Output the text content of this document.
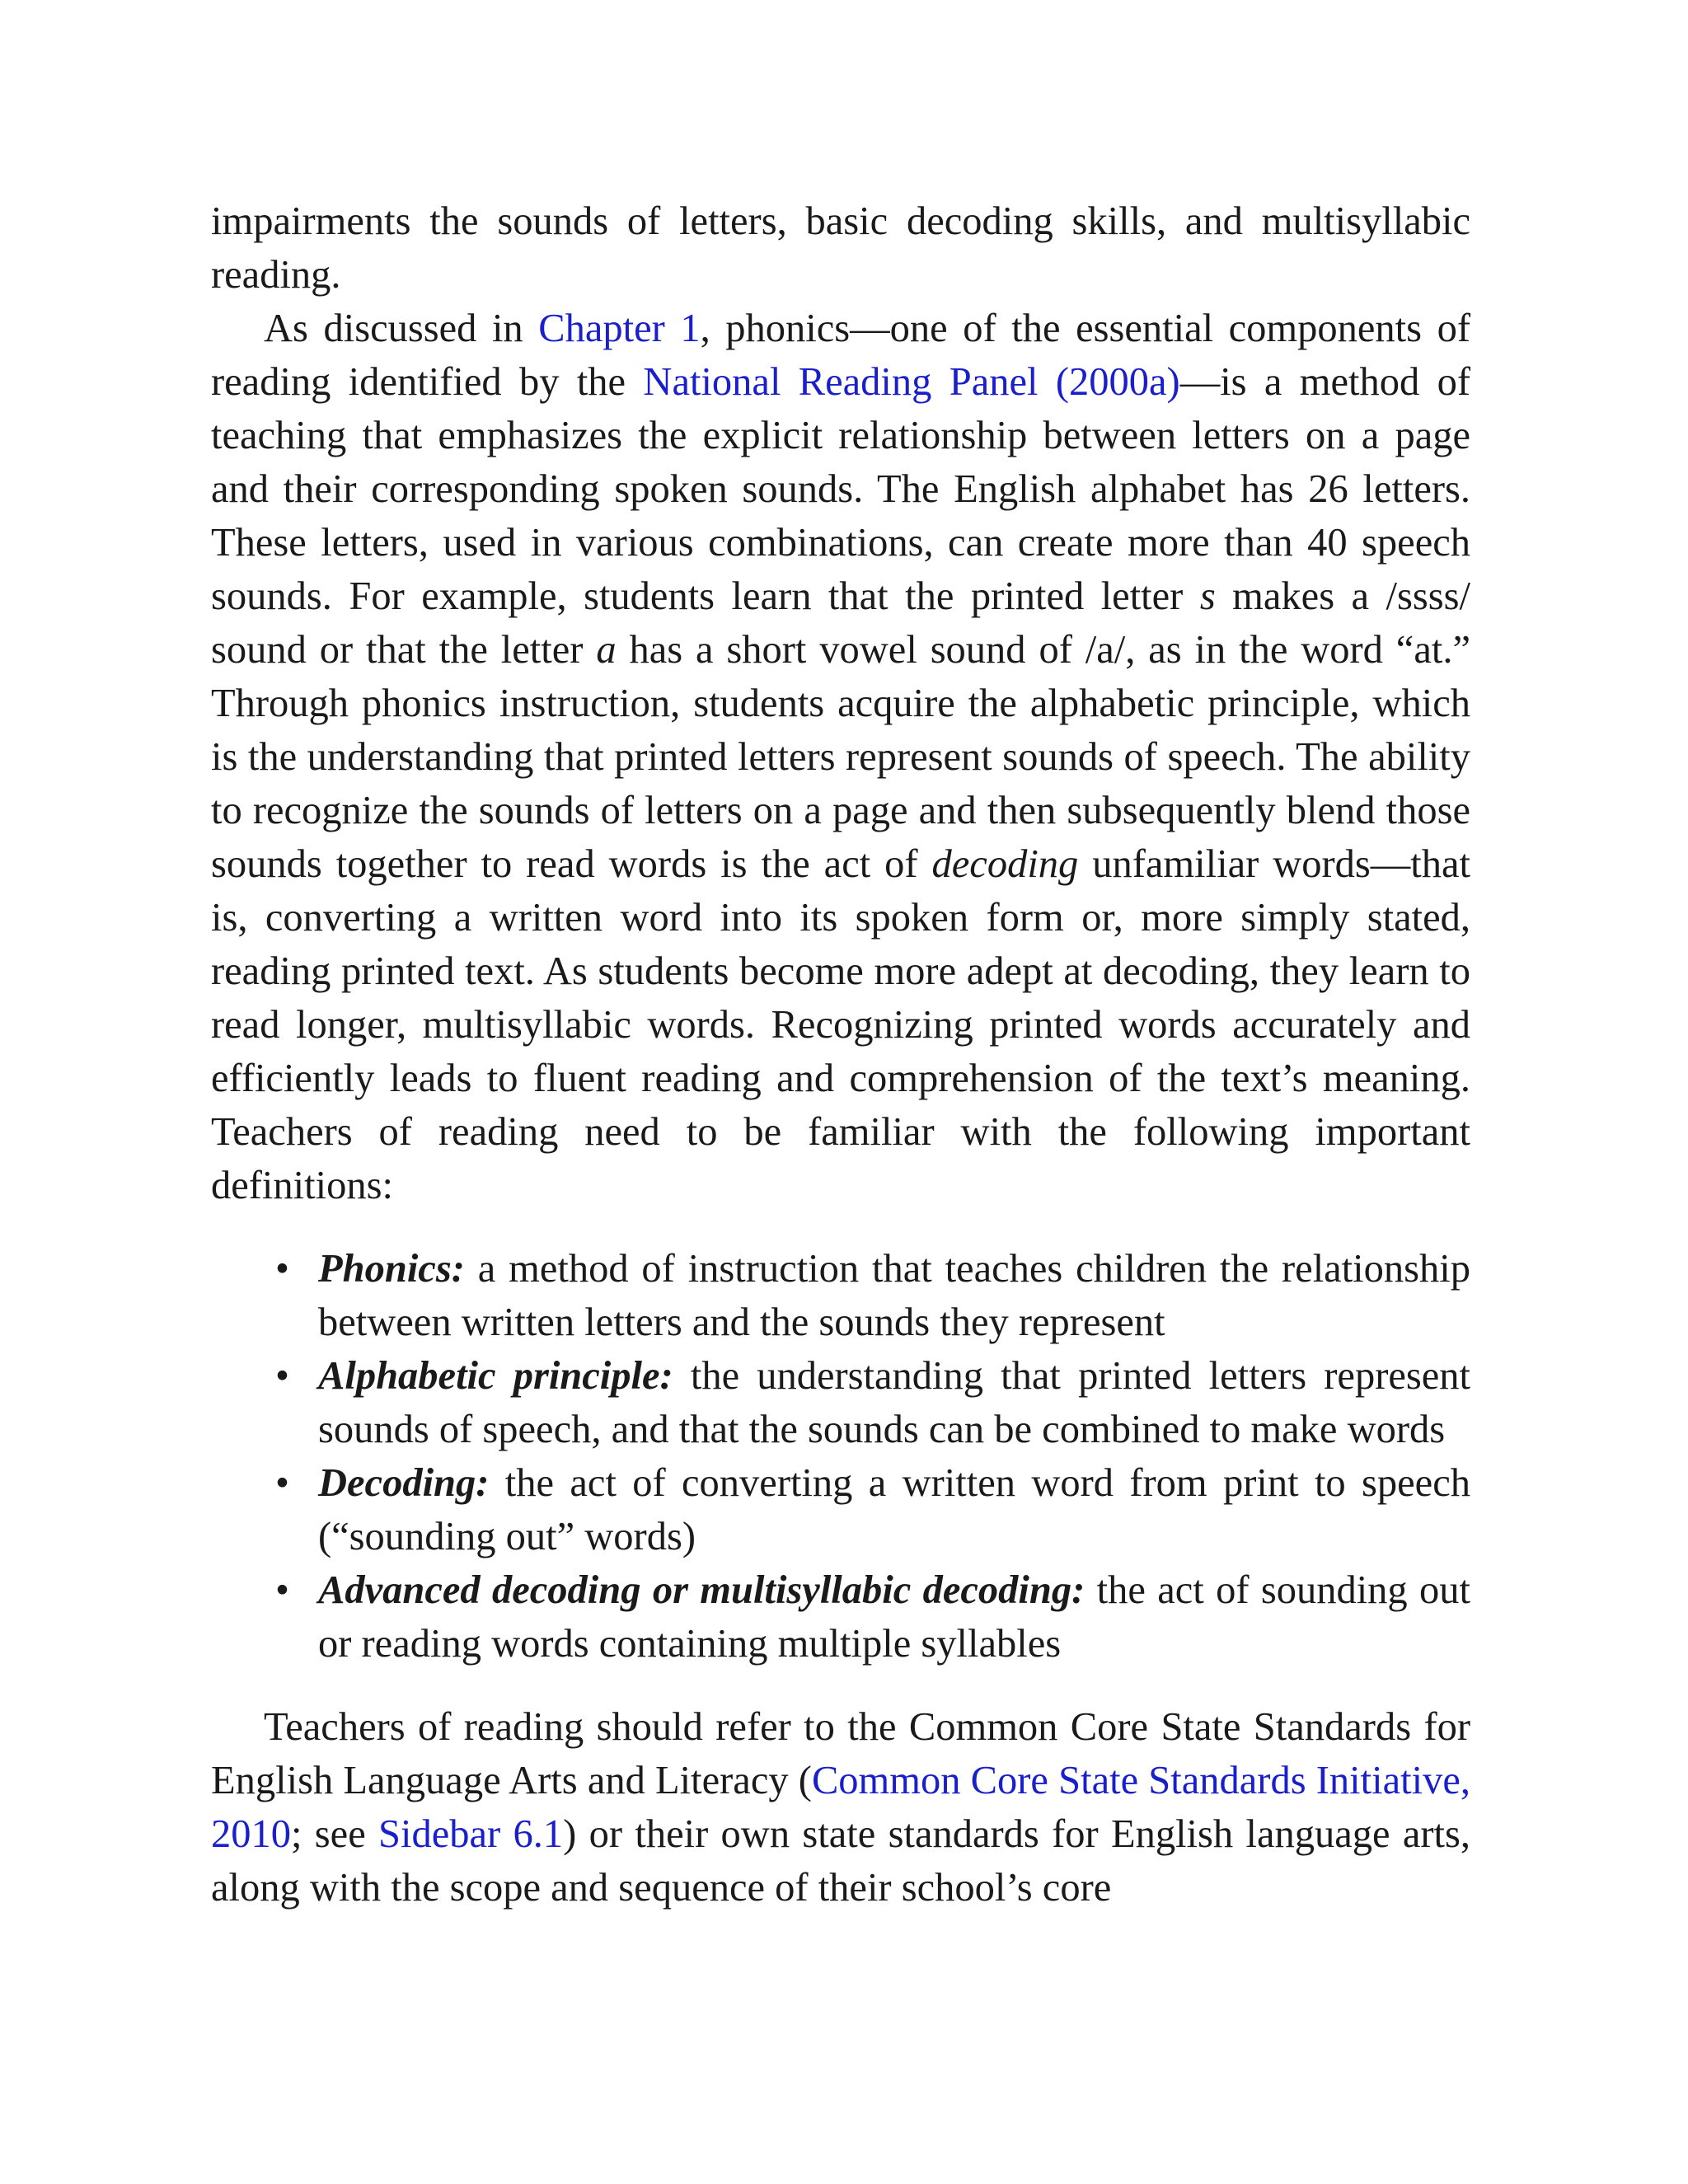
impairments the sounds of letters, basic decoding skills, and multisyllabic reading.

As discussed in Chapter 1, phonics—one of the essential components of reading identified by the National Reading Panel (2000a)—is a method of teaching that emphasizes the explicit relationship between letters on a page and their corresponding spoken sounds. The English alphabet has 26 letters. These letters, used in various combinations, can create more than 40 speech sounds. For example, students learn that the printed letter s makes a /ssss/ sound or that the letter a has a short vowel sound of /a/, as in the word “at.” Through phonics instruction, students acquire the alphabetic principle, which is the understanding that printed letters represent sounds of speech. The ability to recognize the sounds of letters on a page and then subsequently blend those sounds together to read words is the act of decoding unfamiliar words—that is, converting a written word into its spoken form or, more simply stated, reading printed text. As students become more adept at decoding, they learn to read longer, multisyllabic words. Recognizing printed words accurately and efficiently leads to fluent reading and comprehension of the text’s meaning. Teachers of reading need to be familiar with the following important definitions:

• Phonics: a method of instruction that teaches children the relationship between written letters and the sounds they represent
• Alphabetic principle: the understanding that printed letters represent sounds of speech, and that the sounds can be combined to make words
• Decoding: the act of converting a written word from print to speech (“sounding out” words)
• Advanced decoding or multisyllabic decoding: the act of sounding out or reading words containing multiple syllables

Teachers of reading should refer to the Common Core State Standards for English Language Arts and Literacy (Common Core State Standards Initiative, 2010; see Sidebar 6.1) or their own state standards for English language arts, along with the scope and sequence of their school’s core
